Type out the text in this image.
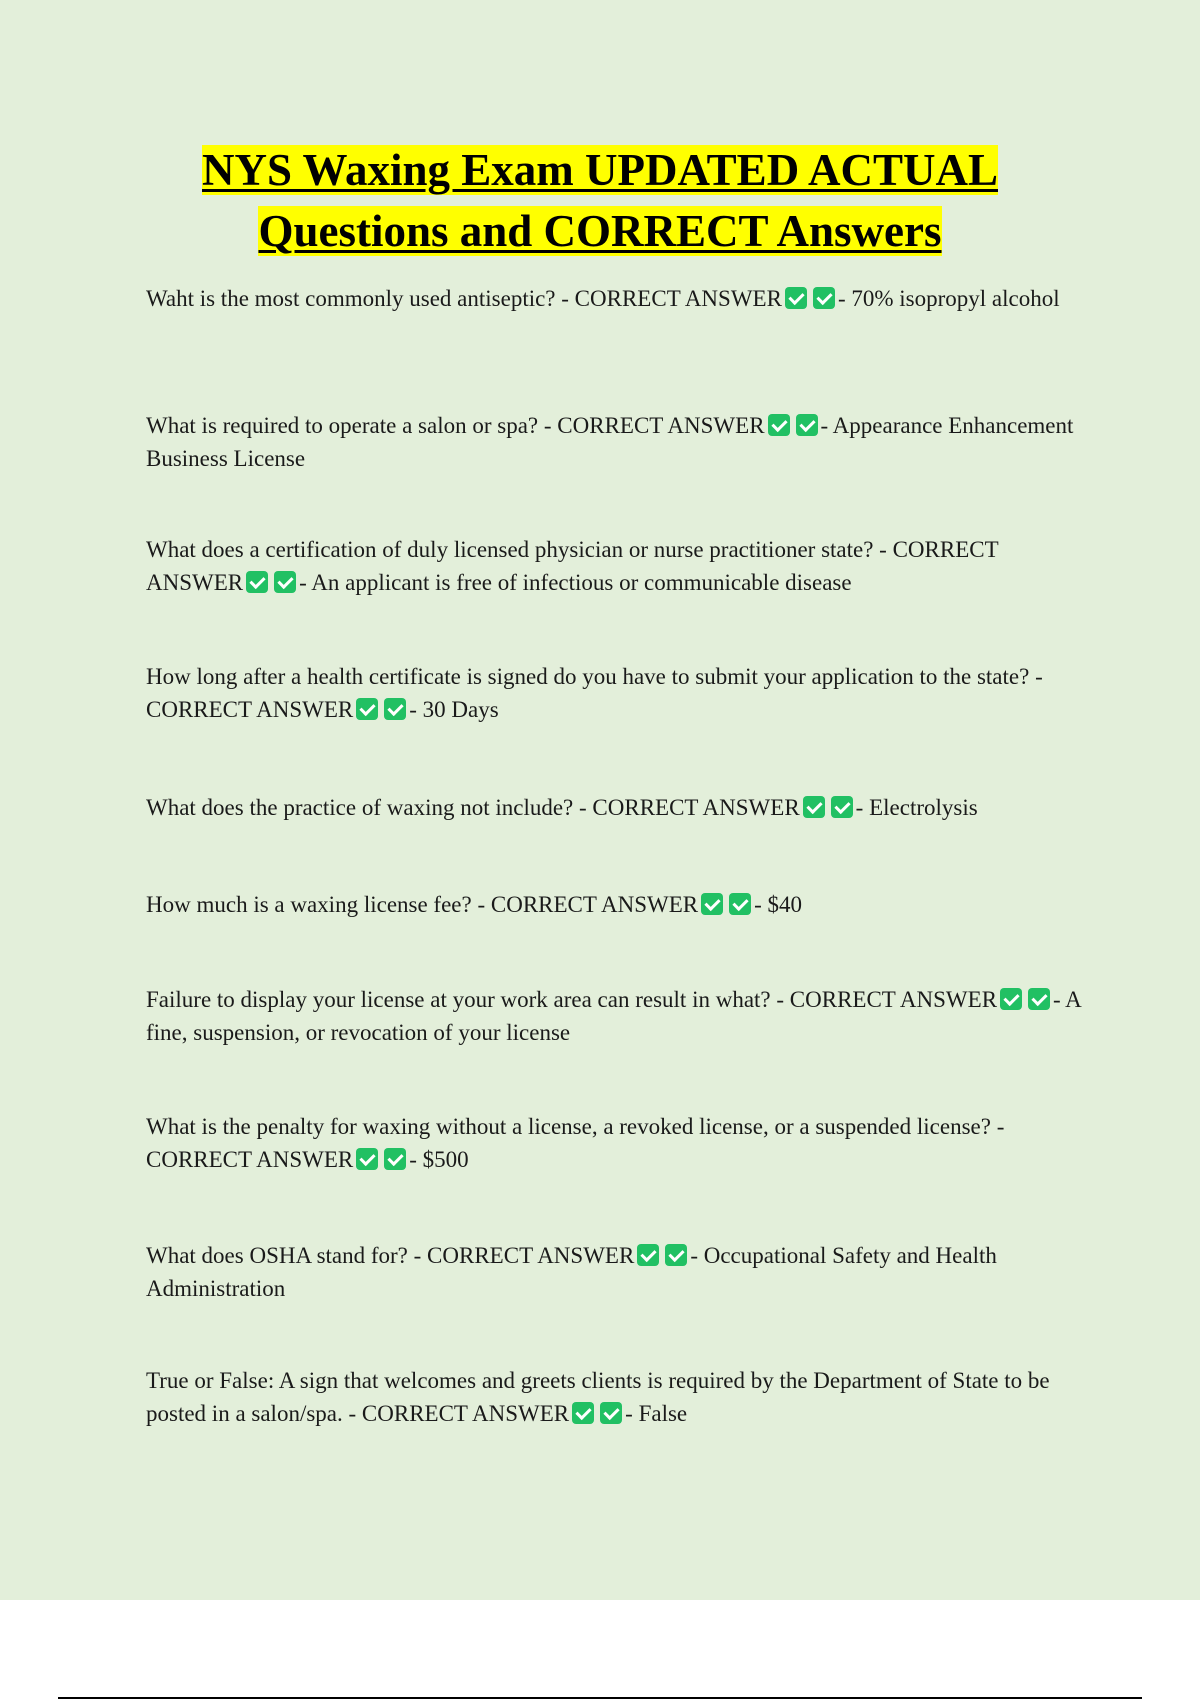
NYS Waxing Exam UPDATED ACTUAL
Questions and CORRECT Answers

Waht is the most commonly used antiseptic? - CORRECT ANSWER - 70% isopropyl alcohol

What is required to operate a salon or spa? - CORRECT ANSWER - Appearance Enhancement Business License

What does a certification of duly licensed physician or nurse practitioner state? - CORRECT ANSWER - An applicant is free of infectious or communicable disease

How long after a health certificate is signed do you have to submit your application to the state? - CORRECT ANSWER - 30 Days

What does the practice of waxing not include? - CORRECT ANSWER - Electrolysis

How much is a waxing license fee? - CORRECT ANSWER - $40

Failure to display your license at your work area can result in what? - CORRECT ANSWER - A fine, suspension, or revocation of your license

What is the penalty for waxing without a license, a revoked license, or a suspended license? - CORRECT ANSWER - $500

What does OSHA stand for? - CORRECT ANSWER - Occupational Safety and Health Administration

True or False: A sign that welcomes and greets clients is required by the Department of State to be posted in a salon/spa. - CORRECT ANSWER - False
